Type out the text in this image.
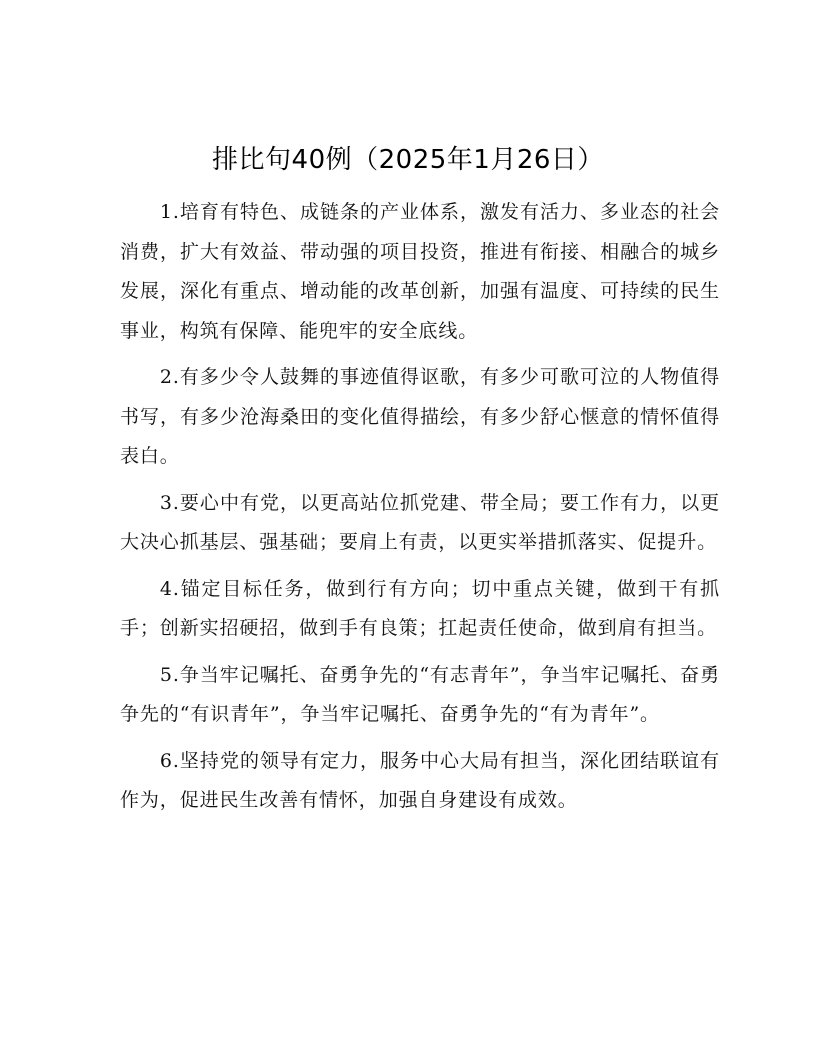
排比句40例（2025年1月26日）

1.培育有特色、成链条的产业体系，激发有活力、多业态的社会消费，扩大有效益、带动强的项目投资，推进有衔接、相融合的城乡发展，深化有重点、增动能的改革创新，加强有温度、可持续的民生事业，构筑有保障、能兜牢的安全底线。

2.有多少令人鼓舞的事迹值得讴歌，有多少可歌可泣的人物值得书写，有多少沧海桑田的变化值得描绘，有多少舒心惬意的情怀值得表白。

3.要心中有党，以更高站位抓党建、带全局；要工作有力，以更大决心抓基层、强基础；要肩上有责，以更实举措抓落实、促提升。

4.锚定目标任务，做到行有方向；切中重点关键，做到干有抓手；创新实招硬招，做到手有良策；扛起责任使命，做到肩有担当。

5.争当牢记嘱托、奋勇争先的“有志青年”，争当牢记嘱托、奋勇争先的“有识青年”，争当牢记嘱托、奋勇争先的“有为青年”。

6.坚持党的领导有定力，服务中心大局有担当，深化团结联谊有作为，促进民生改善有情怀，加强自身建设有成效。
